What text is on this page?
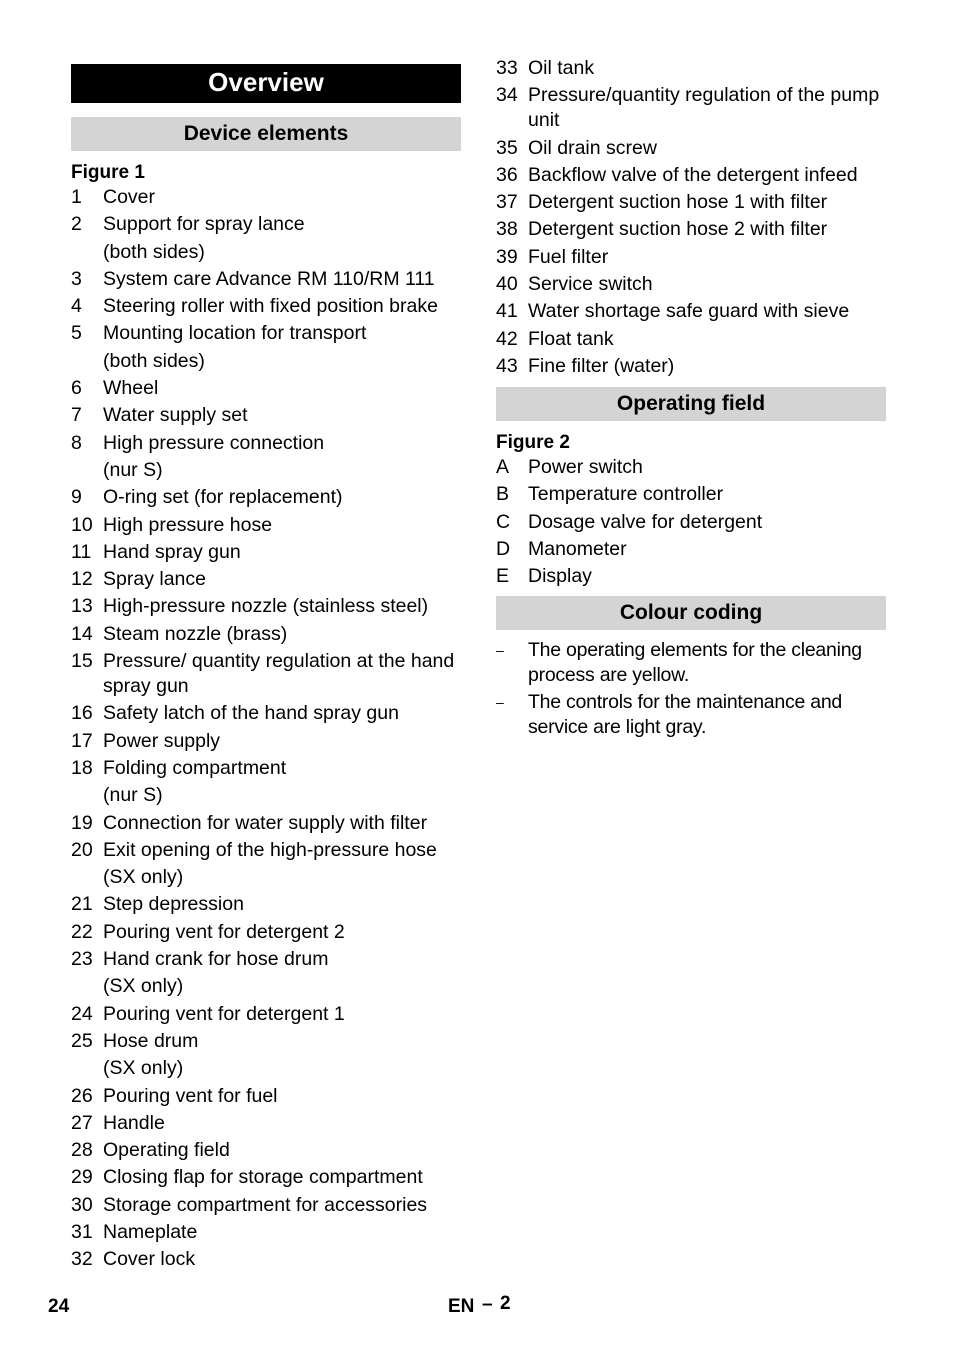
Overview
Device elements
Figure 1
1	Cover
2	Support for spray lance
(both sides)
3	System care Advance RM 110/RM 111
4	Steering roller with fixed position brake
5	Mounting location for transport
(both sides)
6	Wheel
7	Water supply set
8	High pressure connection
(nur S)
9	O-ring set (for replacement)
10 High pressure hose
11 Hand spray gun
12 Spray lance
13 High-pressure nozzle (stainless steel)
14 Steam nozzle (brass)
15 Pressure/ quantity regulation at the hand spray gun
16 Safety latch of the hand spray gun
17 Power supply
18 Folding compartment
(nur S)
19 Connection for water supply with filter
20 Exit opening of the high-pressure hose
(SX only)
21 Step depression
22 Pouring vent for detergent 2
23 Hand crank for hose drum
(SX only)
24 Pouring vent for detergent 1
25 Hose drum
(SX only)
26 Pouring vent for fuel
27 Handle
28 Operating field
29 Closing flap for storage compartment
30 Storage compartment for accessories
31 Nameplate
32 Cover lock
33 Oil tank
34 Pressure/quantity regulation of the pump unit
35 Oil drain screw
36 Backflow valve of the detergent infeed
37 Detergent suction hose 1 with filter
38 Detergent suction hose 2 with filter
39 Fuel filter
40 Service switch
41 Water shortage safe guard with sieve
42 Float tank
43 Fine filter (water)
Operating field
Figure 2
A Power switch
B Temperature controller
C Dosage valve for detergent
D Manometer
E Display
Colour coding
–	The operating elements for the cleaning process are yellow.
–	The controls for the maintenance and service are light gray.
24	EN – 2
